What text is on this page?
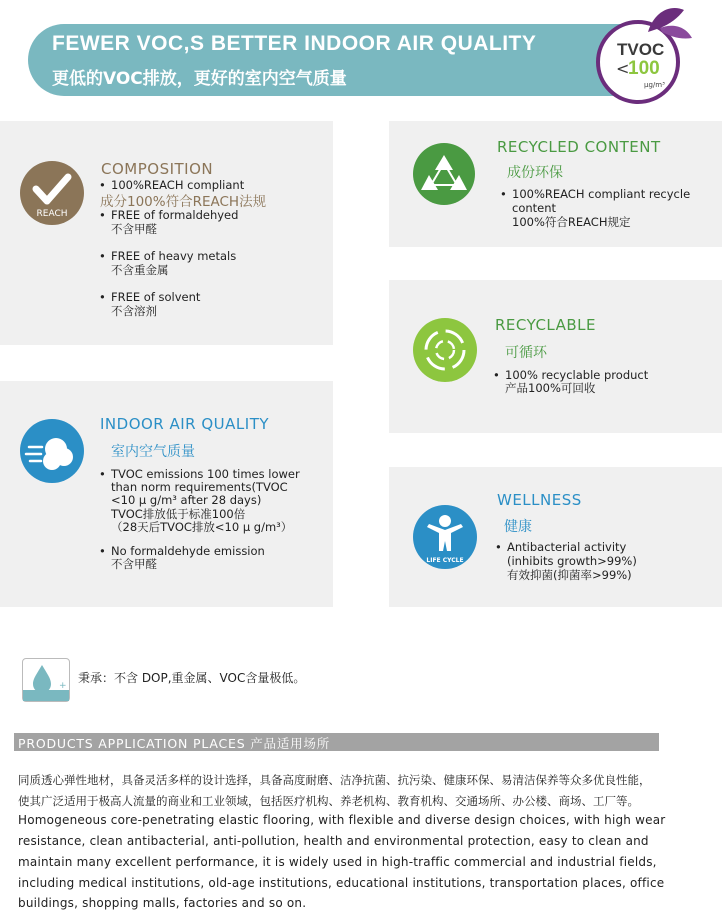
FEWER VOC,S BETTER INDOOR AIR QUALITY
更低的VOC排放，更好的室内空气质量
TVOC
<
100
μg/m³
REACH
COMPOSITION
• 100%REACH compliant
成分100%符合REACH法规
• FREE of formaldehyed
不含甲醛
• FREE of heavy metals
不含重金属
• FREE of solvent
不含溶剂
INDOOR AIR QUALITY
室内空气质量
• TVOC emissions 100 times lower
than norm requirements(TVOC
<10 μ g/m³ after 28 days)
TVOC排放低于标准100倍
（28天后TVOC排放<10 μ g/m³）
• No formaldehyde emission
不含甲醛
RECYCLED CONTENT
成份环保
• 100%REACH compliant recycle
content
100%符合REACH规定
RECYCLABLE
可循环
• 100% recyclable product
产品100%可回收
LIFE CYCLE
WELLNESS
健康
• Antibacterial activity
(inhibits growth>99%)
有效抑菌(抑菌率>99%)
+
秉承：不含 DOP,重金属、VOC含量极低。
PRODUCTS APPLICATION PLACES 产品适用场所
同质透心弹性地材，具备灵活多样的设计选择，具备高度耐磨、洁净抗菌、抗污染、健康环保、易清洁保养等众多优良性能，
使其广泛适用于极高人流量的商业和工业领域，包括医疗机构、养老机构、教育机构、交通场所、办公楼、商场、工厂等。
Homogeneous core-penetrating elastic flooring, with flexible and diverse design choices, with high wear
resistance, clean antibacterial, anti-pollution, health and environmental protection, easy to clean and
maintain many excellent performance, it is widely used in high-traffic commercial and industrial fields,
including medical institutions, old-age institutions, educational institutions, transportation places, office
buildings, shopping malls, factories and so on.
